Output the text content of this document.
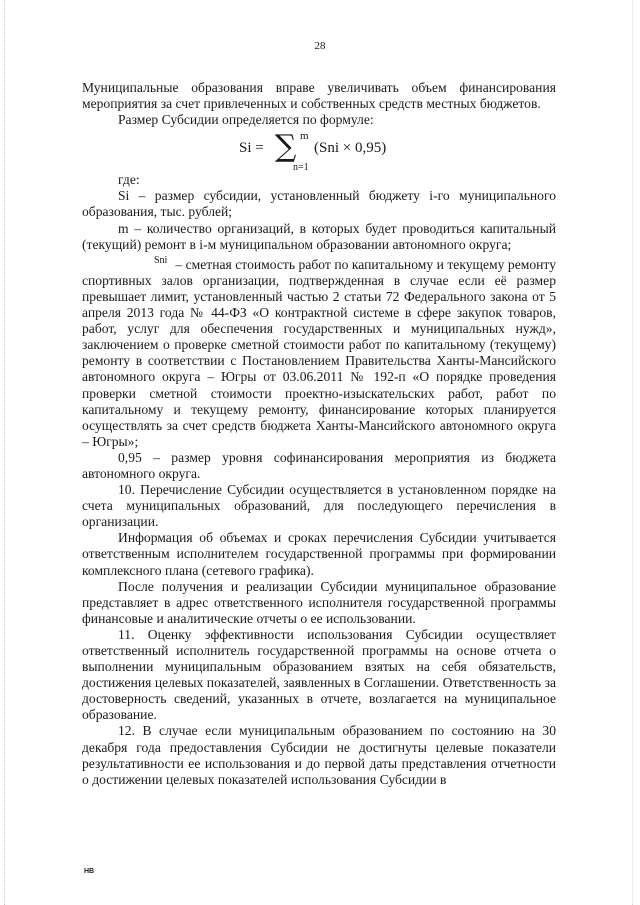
28

Муниципальные образования вправе увеличивать объем финансирования мероприятия за счет привлеченных и собственных средств местных бюджетов.

Размер Субсидии определяется по формуле:

Si = ∑ m
n=1
(Sni × 0,95)

где:

Si – размер субсидии, установленный бюджету i-го муниципального образования, тыс. рублей;

m – количество организаций, в которых будет проводиться капитальный (текущий) ремонт в i-м муниципальном образовании автономного округа;

Sni – сметная стоимость работ по капитальному и текущему ремонту спортивных залов организации, подтвержденная в случае если её размер превышает лимит, установленный частью 2 статьи 72 Федерального закона от 5 апреля 2013 года № 44-ФЗ «О контрактной системе в сфере закупок товаров, работ, услуг для обеспечения государственных и муниципальных нужд», заключением о проверке сметной стоимости работ по капитальному (текущему) ремонту в соответствии с Постановлением Правительства Ханты-Мансийского автономного округа – Югры от 03.06.2011 № 192-п «О порядке проведения проверки сметной стоимости проектно-изыскательских работ, работ по капитальному и текущему ремонту, финансирование которых планируется осуществлять за счет средств бюджета Ханты-Мансийского автономного округа – Югры»;

0,95 – размер уровня софинансирования мероприятия из бюджета автономного округа.

10. Перечисление Субсидии осуществляется в установленном порядке на счета муниципальных образований, для последующего перечисления в организации.

Информация об объемах и сроках перечисления Субсидии учитывается ответственным исполнителем государственной программы при формировании комплексного плана (сетевого графика).

После получения и реализации Субсидии муниципальное образование представляет в адрес ответственного исполнителя государственной программы финансовые и аналитические отчеты о ее использовании.

11. Оценку эффективности использования Субсидии осуществляет ответственный исполнитель государственной программы на основе отчета о выполнении муниципальным образованием взятых на себя обязательств, достижения целевых показателей, заявленных в Соглашении. Ответственность за достоверность сведений, указанных в отчете, возлагается на муниципальное образование.

12. В случае если муниципальным образованием по состоянию на 30 декабря года предоставления Субсидии не достигнуты целевые показатели результативности ее использования и до первой даты представления отчетности о достижении целевых показателей использования Субсидии в

НВ
